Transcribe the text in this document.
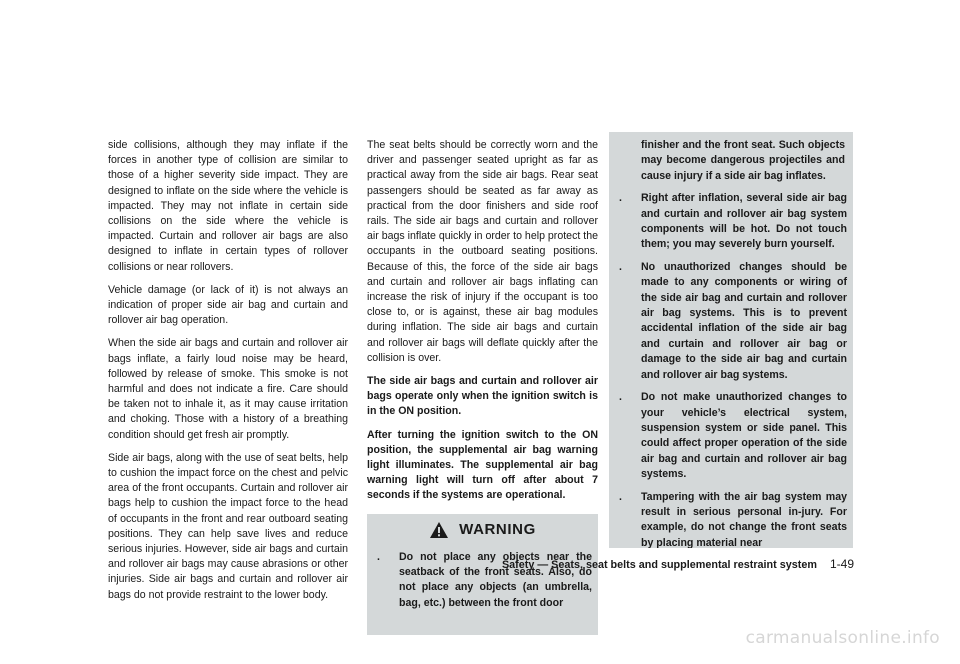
side collisions, although they may inflate if the forces in another type of collision are similar to those of a higher severity side impact. They are designed to inflate on the side where the vehicle is impacted. They may not inflate in certain side collisions on the side where the vehicle is impacted. Curtain and rollover air bags are also designed to inflate in certain types of rollover collisions or near rollovers.

Vehicle damage (or lack of it) is not always an indication of proper side air bag and curtain and rollover air bag operation.

When the side air bags and curtain and rollover air bags inflate, a fairly loud noise may be heard, followed by release of smoke. This smoke is not harmful and does not indicate a fire. Care should be taken not to inhale it, as it may cause irritation and choking. Those with a history of a breathing condition should get fresh air promptly.

Side air bags, along with the use of seat belts, help to cushion the impact force on the chest and pelvic area of the front occupants. Curtain and rollover air bags help to cushion the impact force to the head of occupants in the front and rear outboard seating positions. They can help save lives and reduce serious injuries. However, side air bags and curtain and rollover air bags may cause abrasions or other injuries. Side air bags and curtain and rollover air bags do not provide restraint to the lower body.

The seat belts should be correctly worn and the driver and passenger seated upright as far as practical away from the side air bags. Rear seat passengers should be seated as far away as practical from the door finishers and side roof rails. The side air bags and curtain and rollover air bags inflate quickly in order to help protect the occupants in the outboard seating positions. Because of this, the force of the side air bags and curtain and rollover air bags inflating can increase the risk of injury if the occupant is too close to, or is against, these air bag modules during inflation. The side air bags and curtain and rollover air bags will deflate quickly after the collision is over.

The side air bags and curtain and rollover air bags operate only when the ignition switch is in the ON position.

After turning the ignition switch to the ON position, the supplemental air bag warning light illuminates. The supplemental air bag warning light will turn off after about 7 seconds if the systems are operational.

WARNING
. Do not place any objects near the seatback of the front seats. Also, do not place any objects (an umbrella, bag, etc.) between the front door
finisher and the front seat. Such objects may become dangerous projectiles and cause injury if a side air bag inflates.
. Right after inflation, several side air bag and curtain and rollover air bag system components will be hot. Do not touch them; you may severely burn yourself.
. No unauthorized changes should be made to any components or wiring of the side air bag and curtain and rollover air bag systems. This is to prevent accidental inflation of the side air bag and curtain and rollover air bag or damage to the side air bag and curtain and rollover air bag systems.
. Do not make unauthorized changes to your vehicle’s electrical system, suspension system or side panel. This could affect proper operation of the side air bag and curtain and rollover air bag systems.
. Tampering with the air bag system may result in serious personal in-jury. For example, do not change the front seats by placing material near
Safety — Seats, seat belts and supplemental restraint system 1-49
carmanualsonline.info
